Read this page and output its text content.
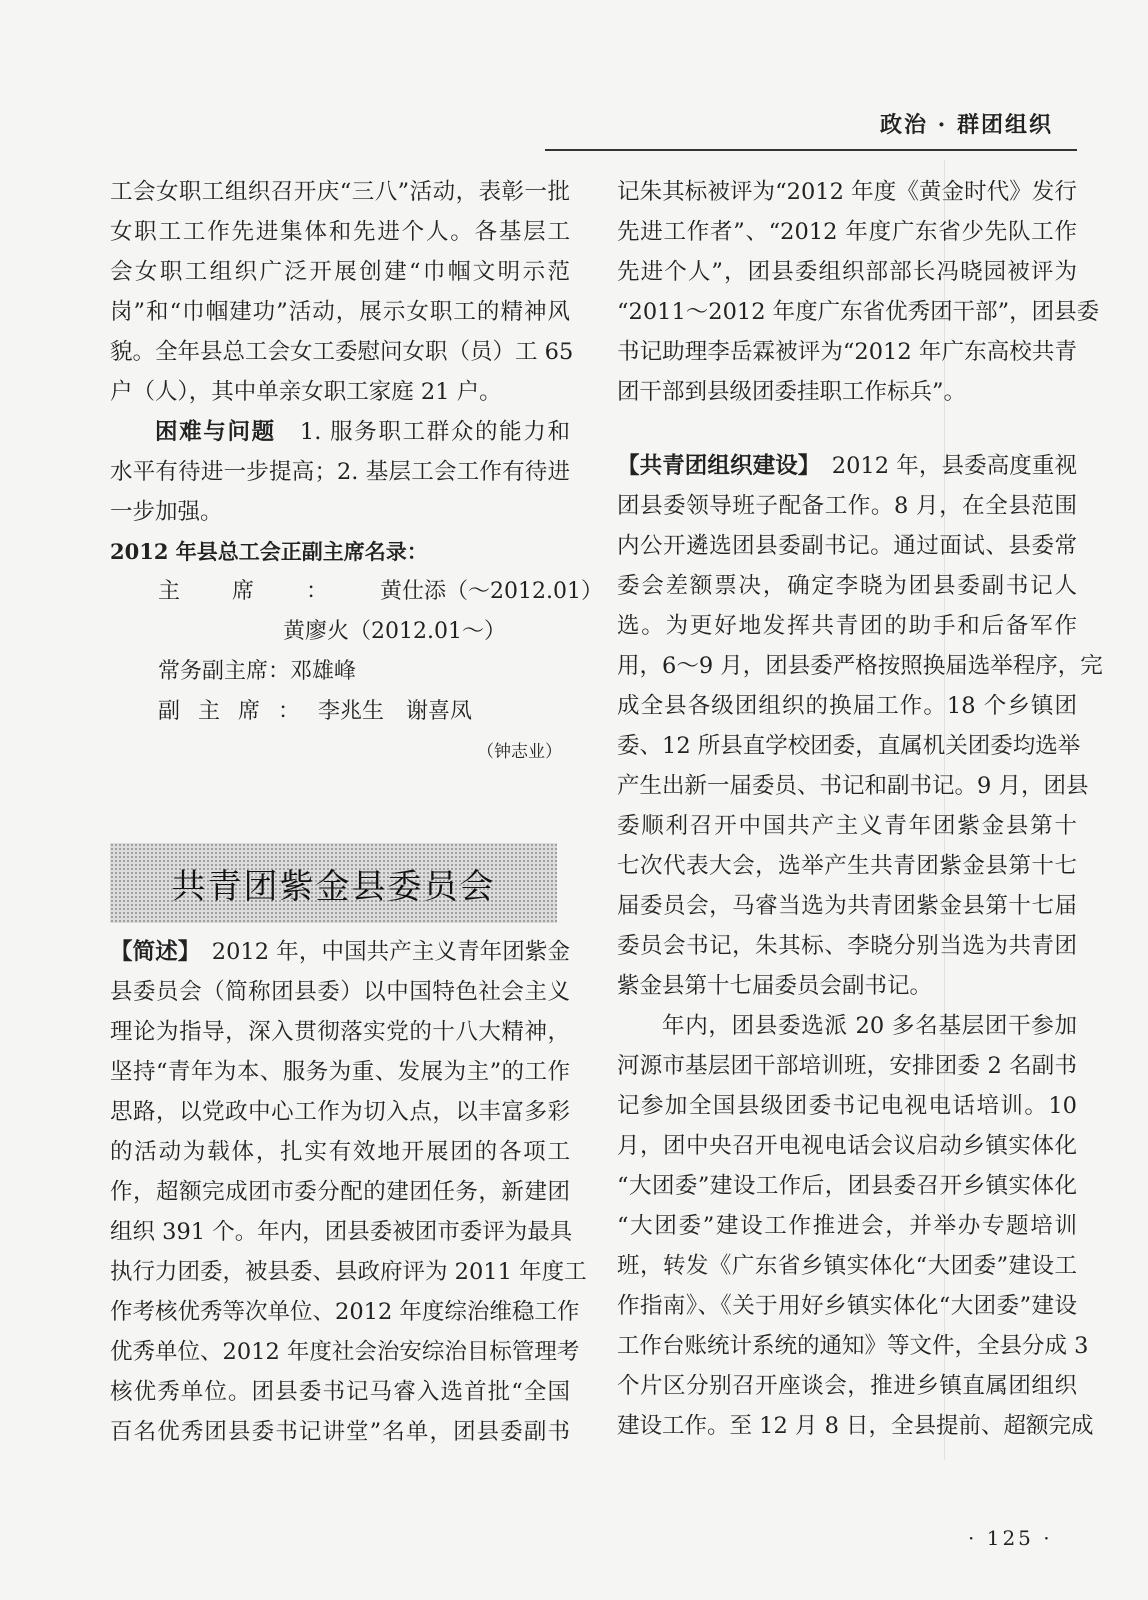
政治 · 群团组织
工会女职工组织召开庆“三八”活动，表彰一批
女职工工作先进集体和先进个人。各基层工
会女职工组织广泛开展创建“巾帼文明示范
岗”和“巾帼建功”活动，展示女职工的精神风
貌。全年县总工会女工委慰问女职（员）工 65
户（人），其中单亲女职工家庭 21 户。
困难与问题　 1. 服务职工群众的能力和
水平有待进一步提高；2. 基层工会工作有待进
一步加强。
2012 年县总工会正副主席名录：
主席：黄仕添（～2012.01）
黄廖火（2012.01～）
常务副主席：邓雄峰
副主席：李兆生　谢喜凤
（钟志业）
共青团紫金县委员会
【简述】　2012 年，中国共产主义青年团紫金
县委员会（简称团县委）以中国特色社会主义
理论为指导，深入贯彻落实党的十八大精神，
坚持“青年为本、服务为重、发展为主”的工作
思路，以党政中心工作为切入点，以丰富多彩
的活动为载体，扎实有效地开展团的各项工
作，超额完成团市委分配的建团任务，新建团
组织 391 个。年内，团县委被团市委评为最具
执行力团委，被县委、县政府评为 2011 年度工
作考核优秀等次单位、2012 年度综治维稳工作
优秀单位、2012 年度社会治安综治目标管理考
核优秀单位。团县委书记马睿入选首批“全国
百名优秀团县委书记讲堂”名单，团县委副书
记朱其标被评为“2012 年度《黄金时代》发行
先进工作者”、“2012 年度广东省少先队工作
先进个人”，团县委组织部部长冯晓园被评为
“2011～2012 年度广东省优秀团干部”，团县委
书记助理李岳霖被评为“2012 年广东高校共青
团干部到县级团委挂职工作标兵”。
【共青团组织建设】　2012 年，县委高度重视
团县委领导班子配备工作。8 月，在全县范围
内公开遴选团县委副书记。通过面试、县委常
委会差额票决，确定李晓为团县委副书记人
选。为更好地发挥共青团的助手和后备军作
用，6～9 月，团县委严格按照换届选举程序，完
成全县各级团组织的换届工作。18 个乡镇团
委、12 所县直学校团委，直属机关团委均选举
产生出新一届委员、书记和副书记。9 月，团县
委顺利召开中国共产主义青年团紫金县第十
七次代表大会，选举产生共青团紫金县第十七
届委员会，马睿当选为共青团紫金县第十七届
委员会书记，朱其标、李晓分别当选为共青团
紫金县第十七届委员会副书记。
年内，团县委选派 20 多名基层团干参加
河源市基层团干部培训班，安排团委 2 名副书
记参加全国县级团委书记电视电话培训。10
月，团中央召开电视电话会议启动乡镇实体化
“大团委”建设工作后，团县委召开乡镇实体化
“大团委”建设工作推进会，并举办专题培训
班，转发《广东省乡镇实体化“大团委”建设工
作指南》、《关于用好乡镇实体化“大团委”建设
工作台账统计系统的通知》等文件，全县分成 3
个片区分别召开座谈会，推进乡镇直属团组织
建设工作。至 12 月 8 日，全县提前、超额完成
· 125 ·
